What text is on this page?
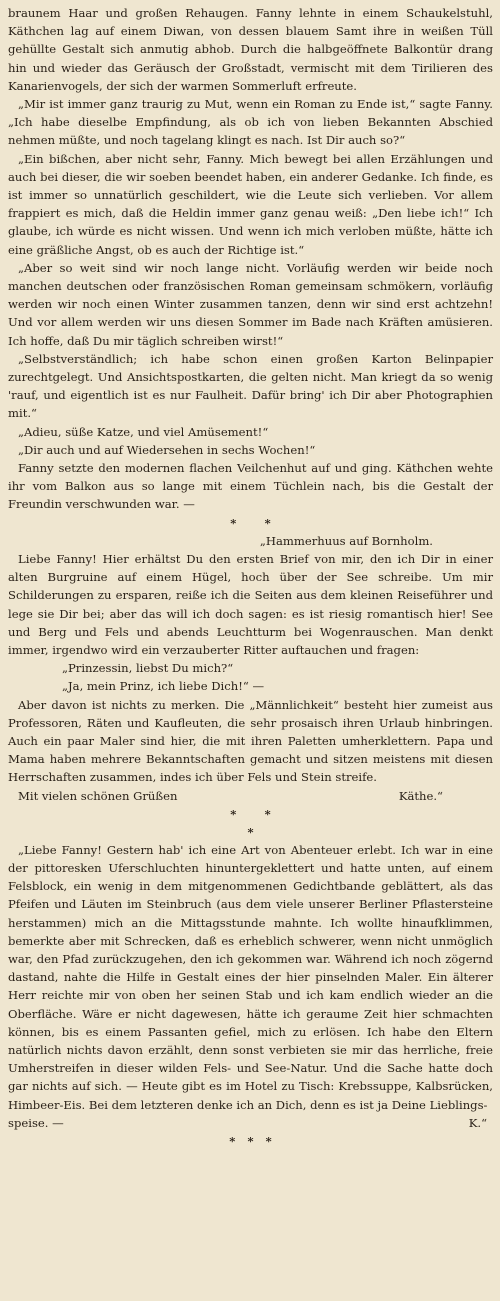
braunem Haar und großen Rehaugen. Fanny lehnte in einem Schaukelstuhl, Käthchen lag auf einem Diwan, von dessen blauem Samt ihre in weißen Tüll gehüllte Gestalt sich anmutig abhob. Durch die halbgeöffnete Balkontür drang hin und wieder das Geräusch der Großstadt, vermischt mit dem Tirilieren des Kanarienvogels, der sich der warmen Sommerluft erfreute.

„Mir ist immer ganz traurig zu Mut, wenn ein Roman zu Ende ist,“ sagte Fanny. „Ich habe dieselbe Empfindung, als ob ich von lieben Bekannten Abschied nehmen müßte, und noch tagelang klingt es nach. Ist Dir auch so?“

„Ein bißchen, aber nicht sehr, Fanny. Mich bewegt bei allen Erzählungen und auch bei dieser, die wir soeben beendet haben, ein anderer Gedanke. Ich finde, es ist immer so unnatürlich geschildert, wie die Leute sich verlieben. Vor allem frappiert es mich, daß die Heldin immer ganz genau weiß: „Den liebe ich!“ Ich glaube, ich würde es nicht wissen. Und wenn ich mich verloben müßte, hätte ich eine gräßliche Angst, ob es auch der Richtige ist.“

„Aber so weit sind wir noch lange nicht. Vorläufig werden wir beide noch manchen deutschen oder französischen Roman gemeinsam schmökern, vorläufig werden wir noch einen Winter zusammen tanzen, denn wir sind erst achtzehn! Und vor allem werden wir uns diesen Sommer im Bade nach Kräften amüsieren. Ich hoffe, daß Du mir täglich schreiben wirst!“

„Selbstverständlich; ich habe schon einen großen Karton Belinpapier zurechtgelegt. Und Ansichtspostkarten, die gelten nicht. Man kriegt da so wenig 'rauf, und eigentlich ist es nur Faulheit. Dafür bring' ich Dir aber Photographien mit.“

„Adieu, süße Katze, und viel Amüsement!“

„Dir auch und auf Wiedersehen in sechs Wochen!“

Fanny setzte den modernen flachen Veilchenhut auf und ging. Käthchen wehte ihr vom Balkon aus so lange mit einem Tüchlein nach, bis die Gestalt der Freundin verschwunden war. —

*       *

„Hammerhuus auf Bornholm.

Liebe Fanny! Hier erhältst Du den ersten Brief von mir, den ich Dir in einer alten Burgruine auf einem Hügel, hoch über der See schreibe. Um mir Schilderungen zu ersparen, reiße ich die Seiten aus dem kleinen Reiseführer und lege sie Dir bei; aber das will ich doch sagen: es ist riesig romantisch hier! See und Berg und Fels und abends Leuchtturm bei Wogenrauschen. Man denkt immer, irgendwo wird ein verzauberter Ritter auftauchen und fragen:

„Prinzessin, liebst Du mich?“

„Ja, mein Prinz, ich liebe Dich!“ —

Aber davon ist nichts zu merken. Die „Männlichkeit“ besteht hier zumeist aus Professoren, Räten und Kaufleuten, die sehr prosaisch ihren Urlaub hinbringen. Auch ein paar Maler sind hier, die mit ihren Paletten umherklettern. Papa und Mama haben mehrere Bekanntschaften gemacht und sitzen meistens mit diesen Herrschaften zusammen, indes ich über Fels und Stein streife.

Mit vielen schönen Grüßen	Käthe.“
*       *
*

„Liebe Fanny! Gestern hab' ich eine Art von Abenteuer erlebt. Ich war in eine der pittoresken Uferschluchten hinuntergeklettert und hatte unten, auf einem Felsblock, ein wenig in dem mitgenommenen Gedichtbande geblättert, als das Pfeifen und Läuten im Steinbruch (aus dem viele unserer Berliner Pflastersteine herstammen) mich an die Mittagsstunde mahnte. Ich wollte hinaufklimmen, bemerkte aber mit Schrecken, daß es erheblich schwerer, wenn nicht unmöglich war, den Pfad zurückzugehen, den ich gekommen war. Während ich noch zögernd dastand, nahte die Hilfe in Gestalt eines der hier pinselnden Maler. Ein älterer Herr reichte mir von oben her seinen Stab und ich kam endlich wieder an die Oberfläche. Wäre er nicht dagewesen, hätte ich geraume Zeit hier schmachten können, bis es einem Passanten gefiel, mich zu erlösen. Ich habe den Eltern natürlich nichts davon erzählt, denn sonst verbieten sie mir das herrliche, freie Umherstreifen in dieser wilden Fels- und See-Natur. Und die Sache hatte doch gar nichts auf sich. — Heute gibt es im Hotel zu Tisch: Krebssuppe, Kalbsrücken, Himbeer-Eis. Bei dem letzteren denke ich an Dich, denn es ist ja Deine Lieblings-

speise. —	K.“
*   *   *
